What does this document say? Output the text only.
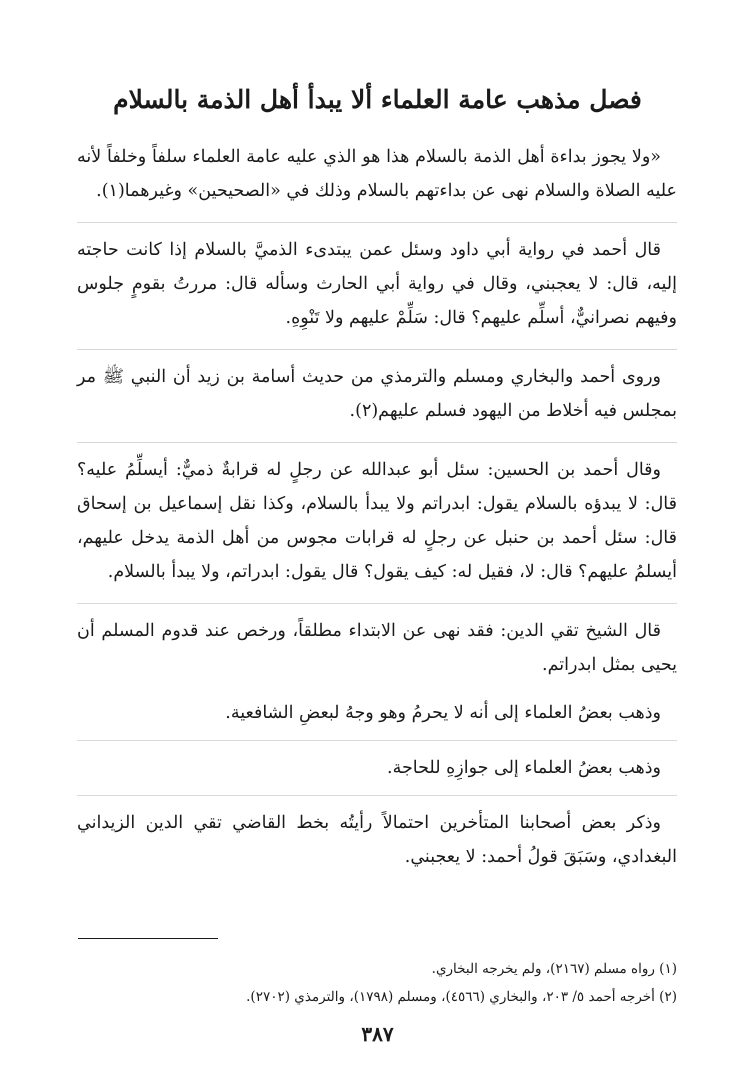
فصل مذهب عامة العلماء ألا يبدأ أهل الذمة بالسلام

«ولا يجوز بداءة أهل الذمة بالسلام هذا هو الذي عليه عامة العلماء سلفاً وخلفاً لأنه عليه الصلاة والسلام نهى عن بداءتهم بالسلام وذلك في «الصحيحين» وغيرهما(١).

قال أحمد في رواية أبي داود وسئل عمن يبتدىء الذميَّ بالسلام إذا كانت حاجته إليه، قال: لا يعجبني، وقال في رواية أبي الحارث وسأله قال: مررتُ بقومٍ جلوس وفيهم نصرانيٌّ، أسلِّم عليهم؟ قال: سَلِّمْ عليهم ولا تَنْوِهِ.

وروى أحمد والبخاري ومسلم والترمذي من حديث أسامة بن زيد أن النبي ﷺ مر بمجلس فيه أخلاط من اليهود فسلم عليهم(٢).

وقال أحمد بن الحسين: سئل أبو عبدالله عن رجلٍ له قرابةٌ ذميٌّ: أيسلِّمُ عليه؟ قال: لا يبدؤه بالسلام يقول: ابدراتم ولا يبدأ بالسلام، وكذا نقل إسماعيل بن إسحاق قال: سئل أحمد بن حنبل عن رجلٍ له قرابات مجوس من أهل الذمة يدخل عليهم، أيسلمُ عليهم؟ قال: لا، فقيل له: كيف يقول؟ قال يقول: ابدراتم، ولا يبدأ بالسلام.

قال الشيخ تقي الدين: فقد نهى عن الابتداء مطلقاً، ورخص عند قدوم المسلم أن يحيى بمثل ابدراتم.

وذهب بعضُ العلماء إلى أنه لا يحرمُ وهو وجهُ لبعضِ الشافعية.

وذهب بعضُ العلماء إلى جوازِهِ للحاجة.

وذكر بعض أصحابنا المتأخرين احتمالاً رأيتُه بخط القاضي تقي الدين الزيداني البغدادي، وسَبَقَ قولُ أحمد: لا يعجبني.

(١) رواه مسلم (٢١٦٧)، ولم يخرجه البخاري.

(٢) أخرجه أحمد ٥/ ٢٠٣، والبخاري (٤٥٦٦)، ومسلم (١٧٩٨)، والترمذي (٢٧٠٢).

٣٨٧
